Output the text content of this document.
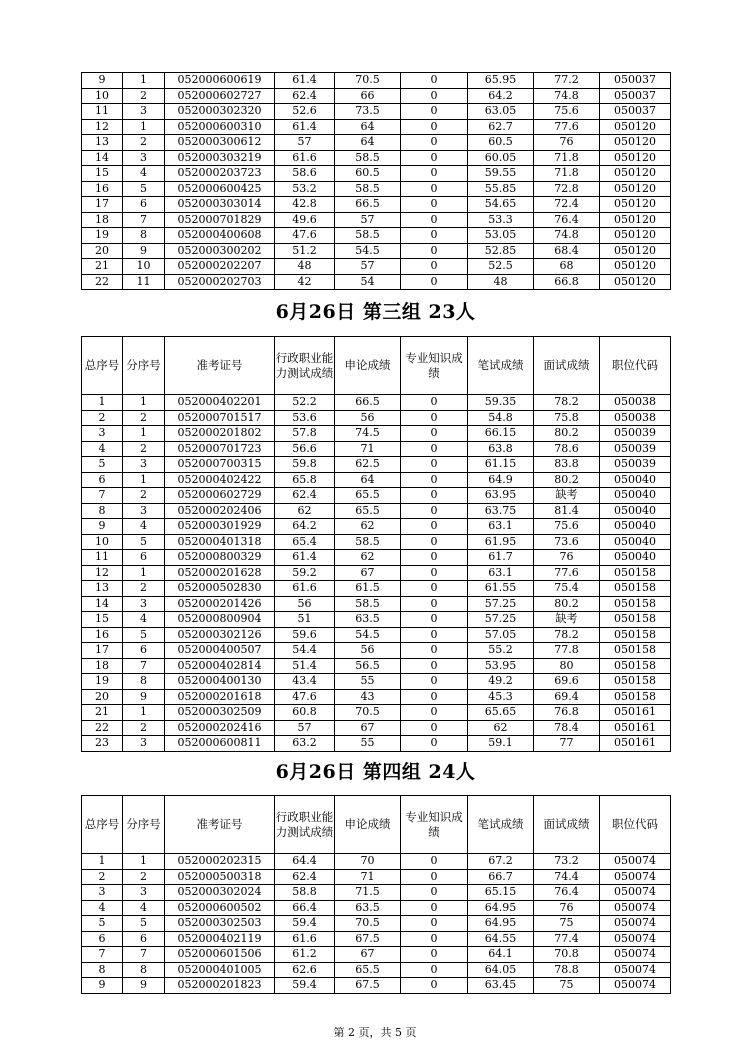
9	1	052000600619	61.4	70.5	0	65.95	77.2	050037
10	2	052000602727	62.4	66	0	64.2	74.8	050037
11	3	052000302320	52.6	73.5	0	63.05	75.6	050037
12	1	052000600310	61.4	64	0	62.7	77.6	050120
13	2	052000300612	57	64	0	60.5	76	050120
14	3	052000303219	61.6	58.5	0	60.05	71.8	050120
15	4	052000203723	58.6	60.5	0	59.55	71.8	050120
16	5	052000600425	53.2	58.5	0	55.85	72.8	050120
17	6	052000303014	42.8	66.5	0	54.65	72.4	050120
18	7	052000701829	49.6	57	0	53.3	76.4	050120
19	8	052000400608	47.6	58.5	0	53.05	74.8	050120
20	9	052000300202	51.2	54.5	0	52.85	68.4	050120
21	10	052000202207	48	57	0	52.5	68	050120
22	11	052000202703	42	54	0	48	66.8	050120
6月26日 第三组 23人
总序号	分序号	准考证号	行政职业能力测试成绩	申论成绩	专业知识成绩	笔试成绩	面试成绩	职位代码
1	1	052000402201	52.2	66.5	0	59.35	78.2	050038
2	2	052000701517	53.6	56	0	54.8	75.8	050038
3	1	052000201802	57.8	74.5	0	66.15	80.2	050039
4	2	052000701723	56.6	71	0	63.8	78.6	050039
5	3	052000700315	59.8	62.5	0	61.15	83.8	050039
6	1	052000402422	65.8	64	0	64.9	80.2	050040
7	2	052000602729	62.4	65.5	0	63.95	缺考	050040
8	3	052000202406	62	65.5	0	63.75	81.4	050040
9	4	052000301929	64.2	62	0	63.1	75.6	050040
10	5	052000401318	65.4	58.5	0	61.95	73.6	050040
11	6	052000800329	61.4	62	0	61.7	76	050040
12	1	052000201628	59.2	67	0	63.1	77.6	050158
13	2	052000502830	61.6	61.5	0	61.55	75.4	050158
14	3	052000201426	56	58.5	0	57.25	80.2	050158
15	4	052000800904	51	63.5	0	57.25	缺考	050158
16	5	052000302126	59.6	54.5	0	57.05	78.2	050158
17	6	052000400507	54.4	56	0	55.2	77.8	050158
18	7	052000402814	51.4	56.5	0	53.95	80	050158
19	8	052000400130	43.4	55	0	49.2	69.6	050158
20	9	052000201618	47.6	43	0	45.3	69.4	050158
21	1	052000302509	60.8	70.5	0	65.65	76.8	050161
22	2	052000202416	57	67	0	62	78.4	050161
23	3	052000600811	63.2	55	0	59.1	77	050161
6月26日 第四组 24人
总序号	分序号	准考证号	行政职业能力测试成绩	申论成绩	专业知识成绩	笔试成绩	面试成绩	职位代码
1	1	052000202315	64.4	70	0	67.2	73.2	050074
2	2	052000500318	62.4	71	0	66.7	74.4	050074
3	3	052000302024	58.8	71.5	0	65.15	76.4	050074
4	4	052000600502	66.4	63.5	0	64.95	76	050074
5	5	052000302503	59.4	70.5	0	64.95	75	050074
6	6	052000402119	61.6	67.5	0	64.55	77.4	050074
7	7	052000601506	61.2	67	0	64.1	70.8	050074
8	8	052000401005	62.6	65.5	0	64.05	78.8	050074
9	9	052000201823	59.4	67.5	0	63.45	75	050074
第 2 页，共 5 页
